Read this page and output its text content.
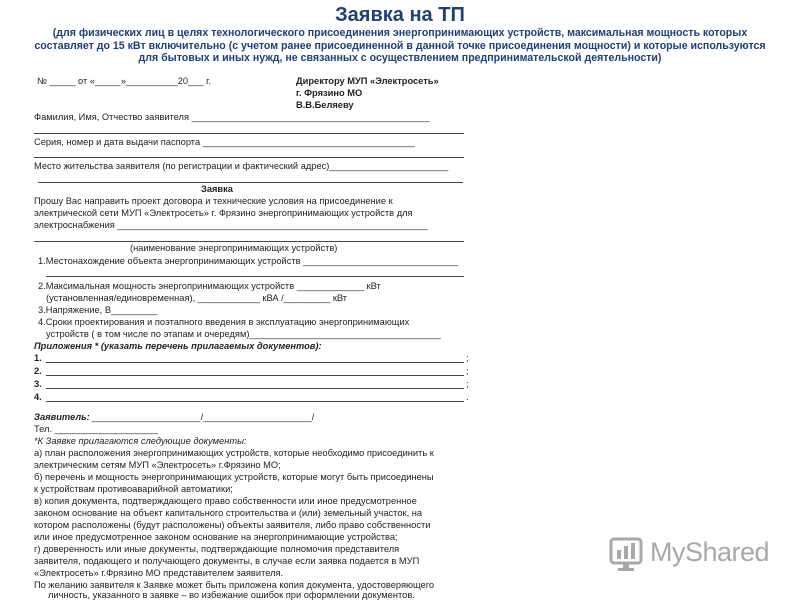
Заявка на ТП
(для физических лиц в целях технологического присоединения энергопринимающих устройств, максимальная мощность которых составляет до 15 кВт включительно (с учетом ранее присоединенной в данной точке присоединения мощности) и которые используются для бытовых и иных нужд, не связанных с осуществлением предпринимательской деятельности)
№ _____ от «_____»__________20___ г.	Директору МУП «Электросеть»
г. Фрязино МО
В.В.Беляеву
Фамилия, Имя, Отчество заявителя ______________________________________________
Серия, номер и дата выдачи паспорта _________________________________________
Место жительства заявителя (по регистрации и фактический адрес)_______________________
Заявка
Прошу Вас направить проект договора и технические условия на присоединение к
электрической сети МУП «Электросеть» г. Фрязино энергопринимающих устройств для
электроснабжения ____________________________________________________________
(наименование энергопринимающих устройств)
1.Местонахождение объекта энергопринимающих устройств ______________________________
2.Максимальная мощность энергопринимающих устройств _____________ кВт
(установленная/единовременная), ____________ кВА /_________ кВт
3.Напряжение, В_________
4.Сроки проектирования и поэтапного введения в эксплуатацию энергопринимающих
устройств ( в том числе по этапам и очередям)_____________________________________
Приложения * (указать перечень прилагаемых документов):
1.	;
2.	;
3.	;
4.	.
Заявитель: _____________________/_____________________/
Тел. ____________________
*К Заявке прилагаются следующие документы:
а) план расположения энергопринимающих устройств, которые необходимо присоединить к
электрическим сетям МУП «Электросеть» г.Фрязино МО;
б) перечень и мощность энергопринимающих устройств, которые могут быть присоединены
к устройствам противоаварийной автоматики;
в) копия документа, подтверждающего право собственности или иное предусмотренное
законом основание на объект капитального строительства и (или) земельный участок, на
котором расположены (будут расположены) объекты заявителя, либо право собственности
или иное предусмотренное законом основание на энергопринимающие устройства;
г) доверенность или иные документы, подтверждающие полномочия представителя
заявителя, подающего и получающего документы, в случае если заявка подается в МУП
«Электросеть» г.Фрязино МО представителем заявителя.
По желанию заявителя к Заявке может быть приложена копия документа, удостоверяющего
личность, указанного в заявке – во избежание ошибок при оформлении документов.
MyShared
